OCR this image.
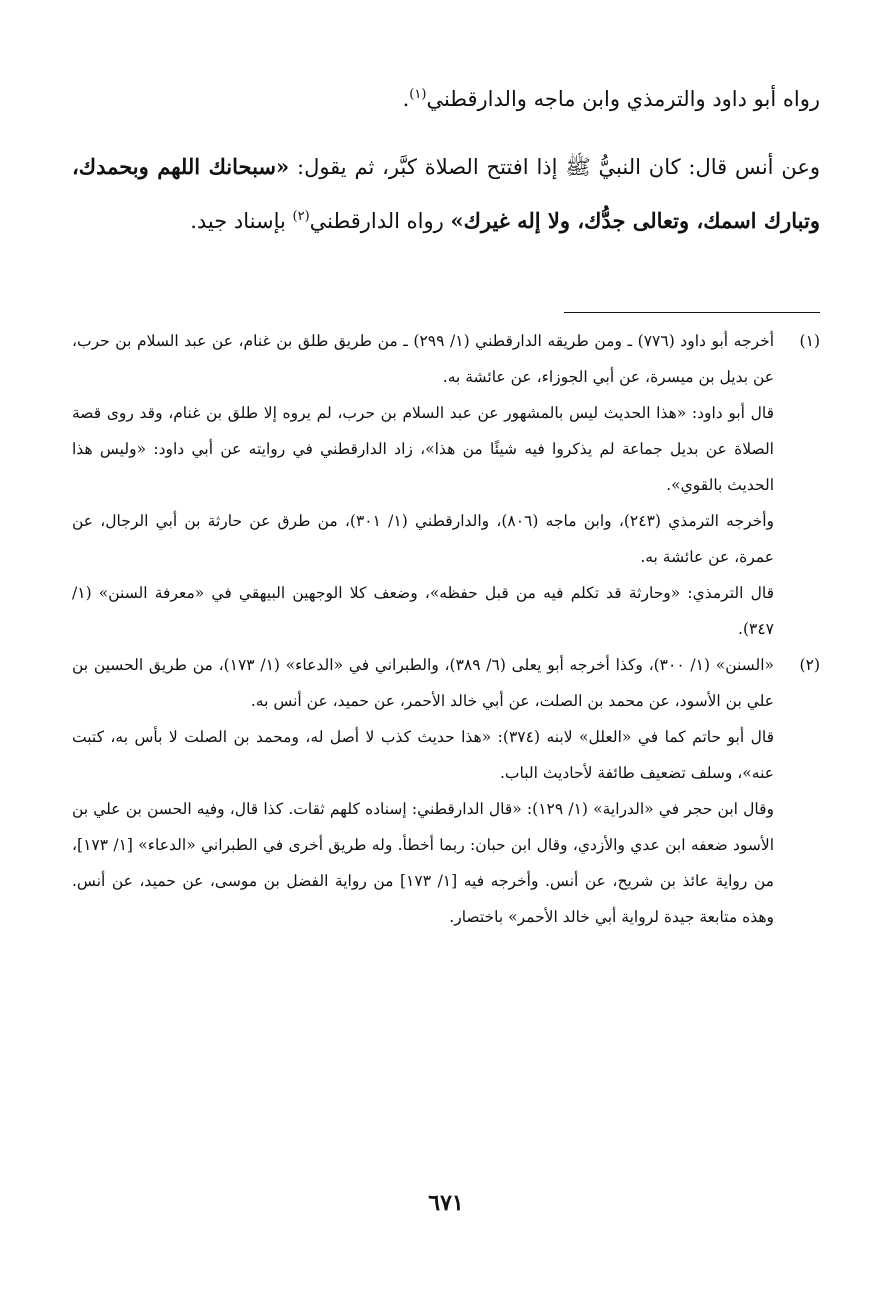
رواه أبو داود والترمذي وابن ماجه والدارقطني$^{(١)}$.

وعن أنس قال: كان النبيُّ ﷺ إذا افتتح الصلاة كبَّر، ثم يقول: «سبحانك اللهم وبحمدك، وتبارك اسمك، وتعالى جدُّك، ولا إله غيرك» رواه الدارقطني$^{(٢)}$ بإسناد جيد.

(١)

أخرجه أبو داود (٧٧٦) ـ ومن طريقه الدارقطني (١/ ٢٩٩) ـ من طريق طلق بن غنام، عن عبد السلام بن حرب، عن بديل بن ميسرة، عن أبي الجوزاء، عن عائشة به.

قال أبو داود: «هذا الحديث ليس بالمشهور عن عبد السلام بن حرب، لم يروه إلا طلق بن غنام، وقد روى قصة الصلاة عن بديل جماعة لم يذكروا فيه شيئًا من هذا»، زاد الدارقطني في روايته عن أبي داود: «وليس هذا الحديث بالقوي».

وأخرجه الترمذي (٢٤٣)، وابن ماجه (٨٠٦)، والدارقطني (١/ ٣٠١)، من طرق عن حارثة بن أبي الرجال، عن عمرة، عن عائشة به.

قال الترمذي: «وحارثة قد تكلم فيه من قبل حفظه»، وضعف كلا الوجهين البيهقي في «معرفة السنن» (١/ ٣٤٧).

(٢)

«السنن» (١/ ٣٠٠)، وكذا أخرجه أبو يعلى (٦/ ٣٨٩)، والطبراني في «الدعاء» (١/ ١٧٣)، من طريق الحسين بن علي بن الأسود، عن محمد بن الصلت، عن أبي خالد الأحمر، عن حميد، عن أنس به.

قال أبو حاتم كما في «العلل» لابنه (٣٧٤): «هذا حديث كذب لا أصل له، ومحمد بن الصلت لا بأس به، كتبت عنه»، وسلف تضعيف طائفة لأحاديث الباب.

وقال ابن حجر في «الدراية» (١/ ١٢٩): «قال الدارقطني: إسناده كلهم ثقات. كذا قال، وفيه الحسن بن علي بن الأسود ضعفه ابن عدي والأزدي، وقال ابن حبان: ربما أخطأ. وله طريق أخرى في الطبراني «الدعاء» [١/ ١٧٣]، من رواية عائذ بن شريح، عن أنس. وأخرجه فيه [١/ ١٧٣] من رواية الفضل بن موسى، عن حميد، عن أنس. وهذه متابعة جيدة لرواية أبي خالد الأحمر» باختصار.

٦٧١
